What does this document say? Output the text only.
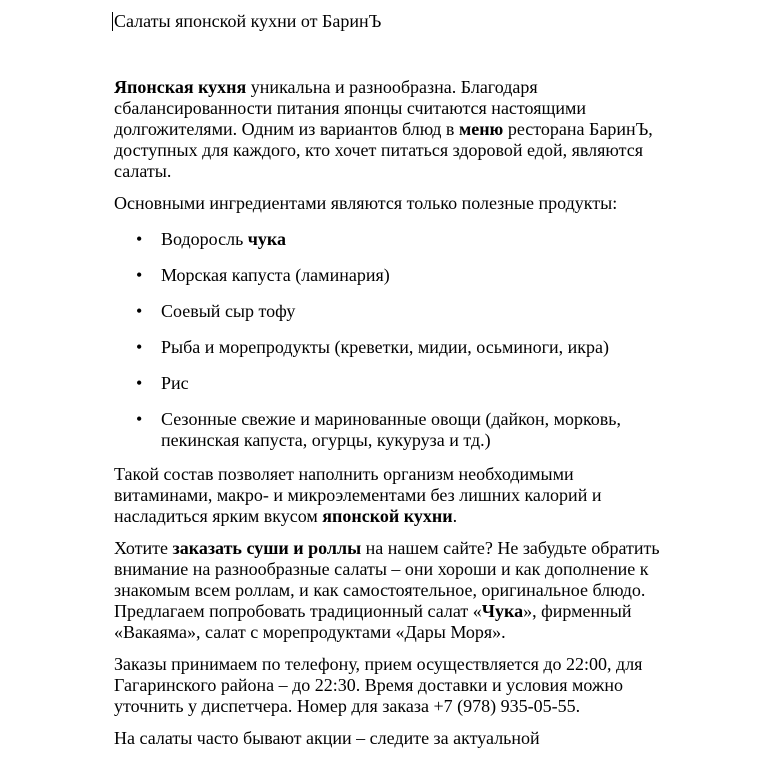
Салаты японской кухни от БаринЪ

Японская кухня уникальна и разнообразна. Благодаря сбалансированности питания японцы считаются настоящими долгожителями. Одним из вариантов блюд в меню ресторана БаринЪ, доступных для каждого, кто хочет питаться здоровой едой, являются салаты.

Основными ингредиентами являются только полезные продукты:

• Водоросль чука
• Морская капуста (ламинария)
• Соевый сыр тофу
• Рыба и морепродукты (креветки, мидии, осьминоги, икра)
• Рис
• Сезонные свежие и маринованные овощи (дайкон, морковь, пекинская капуста, огурцы, кукуруза и тд.)

Такой состав позволяет наполнить организм необходимыми витаминами, макро- и микроэлементами без лишних калорий и насладиться ярким вкусом японской кухни.

Хотите заказать суши и роллы на нашем сайте? Не забудьте обратить внимание на разнообразные салаты – они хороши и как дополнение к знакомым всем роллам, и как самостоятельное, оригинальное блюдо. Предлагаем попробовать традиционный салат «Чука», фирменный «Вакаяма», салат с морепродуктами «Дары Моря».

Заказы принимаем по телефону, прием осуществляется до 22:00, для Гагаринского района – до 22:30. Время доставки и условия можно уточнить у диспетчера. Номер для заказа +7 (978) 935-05-55.

На салаты часто бывают акции – следите за актуальной
